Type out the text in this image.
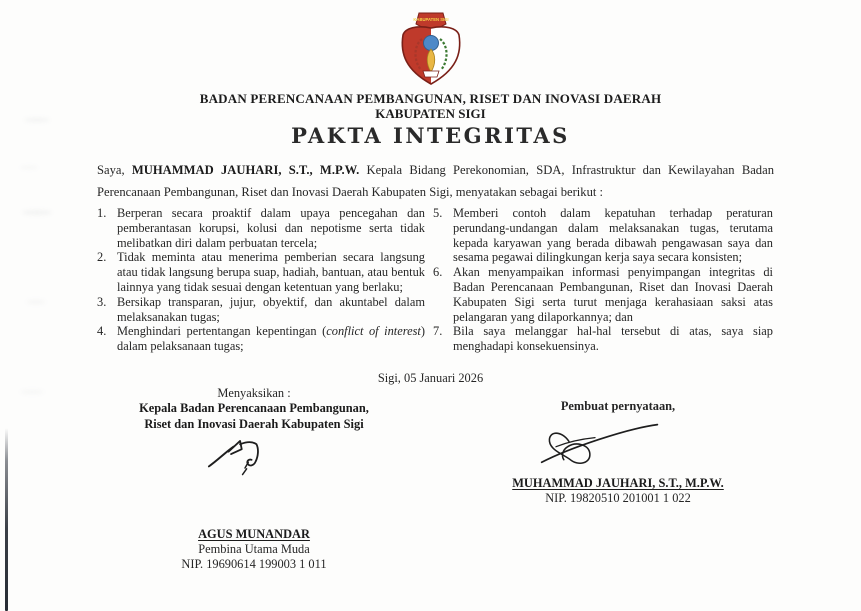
KABUPATEN SIGI
BADAN PERENCANAAN PEMBANGUNAN, RISET DAN INOVASI DAERAH
KABUPATEN SIGI
PAKTA INTEGRITAS
Saya, MUHAMMAD JAUHARI, S.T., M.P.W. Kepala Bidang Perekonomian, SDA, Infrastruktur dan Kewilayahan Badan Perencanaan Pembangunan, Riset dan Inovasi Daerah Kabupaten Sigi, menyatakan sebagai berikut :
1. Berperan secara proaktif dalam upaya pencegahan dan pemberantasan korupsi, kolusi dan nepotisme serta tidak melibatkan diri dalam perbuatan tercela;
2. Tidak meminta atau menerima pemberian secara langsung atau tidak langsung berupa suap, hadiah, bantuan, atau bentuk lainnya yang tidak sesuai dengan ketentuan yang berlaku;
3. Bersikap transparan, jujur, obyektif, dan akuntabel dalam melaksanakan tugas;
4. Menghindari pertentangan kepentingan (conflict of interest) dalam pelaksanaan tugas;
5. Memberi contoh dalam kepatuhan terhadap peraturan perundang-undangan dalam melaksanakan tugas, terutama kepada karyawan yang berada dibawah pengawasan saya dan sesama pegawai dilingkungan kerja saya secara konsisten;
6. Akan menyampaikan informasi penyimpangan integritas di Badan Perencanaan Pembangunan, Riset dan Inovasi Daerah Kabupaten Sigi serta turut menjaga kerahasiaan saksi atas pelangaran yang dilaporkannya; dan
7. Bila saya melanggar hal-hal tersebut di atas, saya siap menghadapi konsekuensinya.
Sigi, 05 Januari 2026
Menyaksikan :
Kepala Badan Perencanaan Pembangunan,
Riset dan Inovasi Daerah Kabupaten Sigi
AGUS MUNANDAR
Pembina Utama Muda
NIP. 19690614 199003 1 011
Pembuat pernyataan,
MUHAMMAD JAUHARI, S.T., M.P.W.
NIP. 19820510 201001 1 022
